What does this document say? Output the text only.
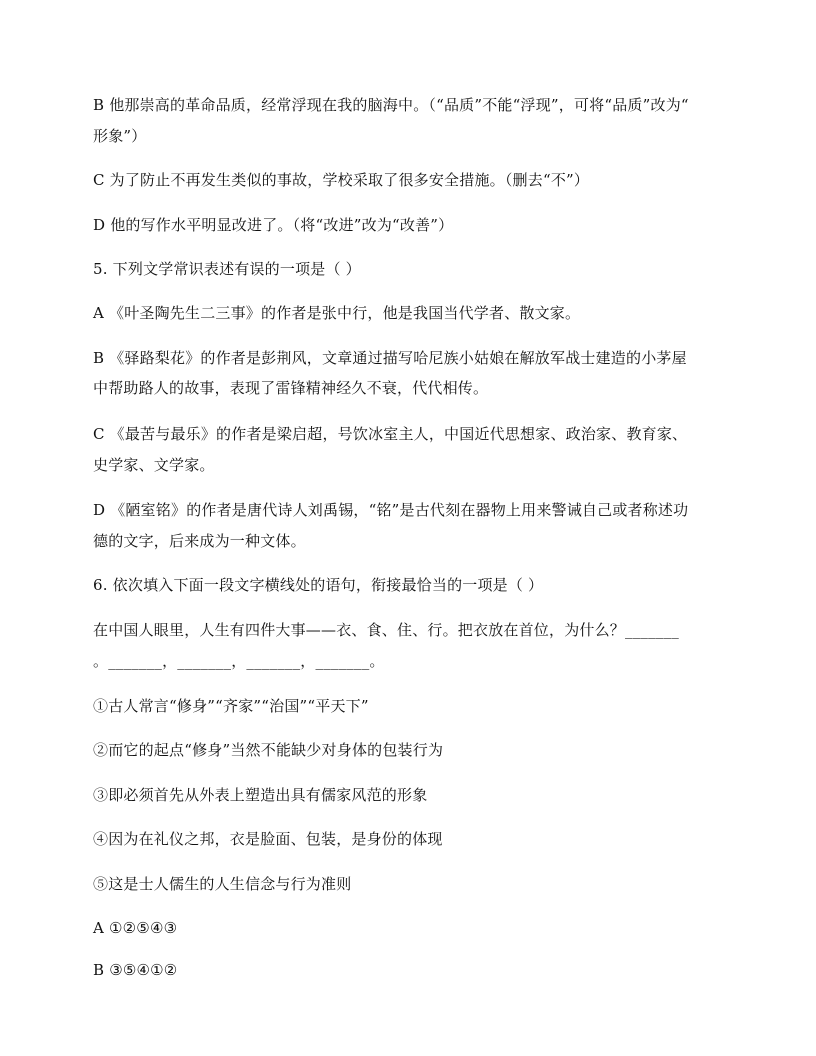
B 他那崇高的革命品质，经常浮现在我的脑海中。（“品质”不能“浮现”，可将“品质”改为“
形象”）
C 为了防止不再发生类似的事故，学校采取了很多安全措施。（删去“不”）
D 他的写作水平明显改进了。（将“改进”改为“改善”）
5. 下列文学常识表述有误的一项是（ ）
A 《叶圣陶先生二三事》的作者是张中行，他是我国当代学者、散文家。
B 《驿路梨花》的作者是彭荆风，文章通过描写哈尼族小姑娘在解放军战士建造的小茅屋
中帮助路人的故事，表现了雷锋精神经久不衰，代代相传。
C 《最苦与最乐》的作者是梁启超，号饮冰室主人，中国近代思想家、政治家、教育家、
史学家、文学家。
D 《陋室铭》的作者是唐代诗人刘禹锡，“铭”是古代刻在器物上用来警诫自己或者称述功
德的文字，后来成为一种文体。
6. 依次填入下面一段文字横线处的语句，衔接最恰当的一项是（ ）
在中国人眼里，人生有四件大事——衣、食、住、行。把衣放在首位，为什么？_______
。_______，_______，_______，_______。
①古人常言“修身”“齐家”“治国”“平天下”
②而它的起点“修身”当然不能缺少对身体的包装行为
③即必须首先从外表上塑造出具有儒家风范的形象
④因为在礼仪之邦，衣是脸面、包装，是身份的体现
⑤这是士人儒生的人生信念与行为准则
A ①②⑤④③
B ③⑤④①②
